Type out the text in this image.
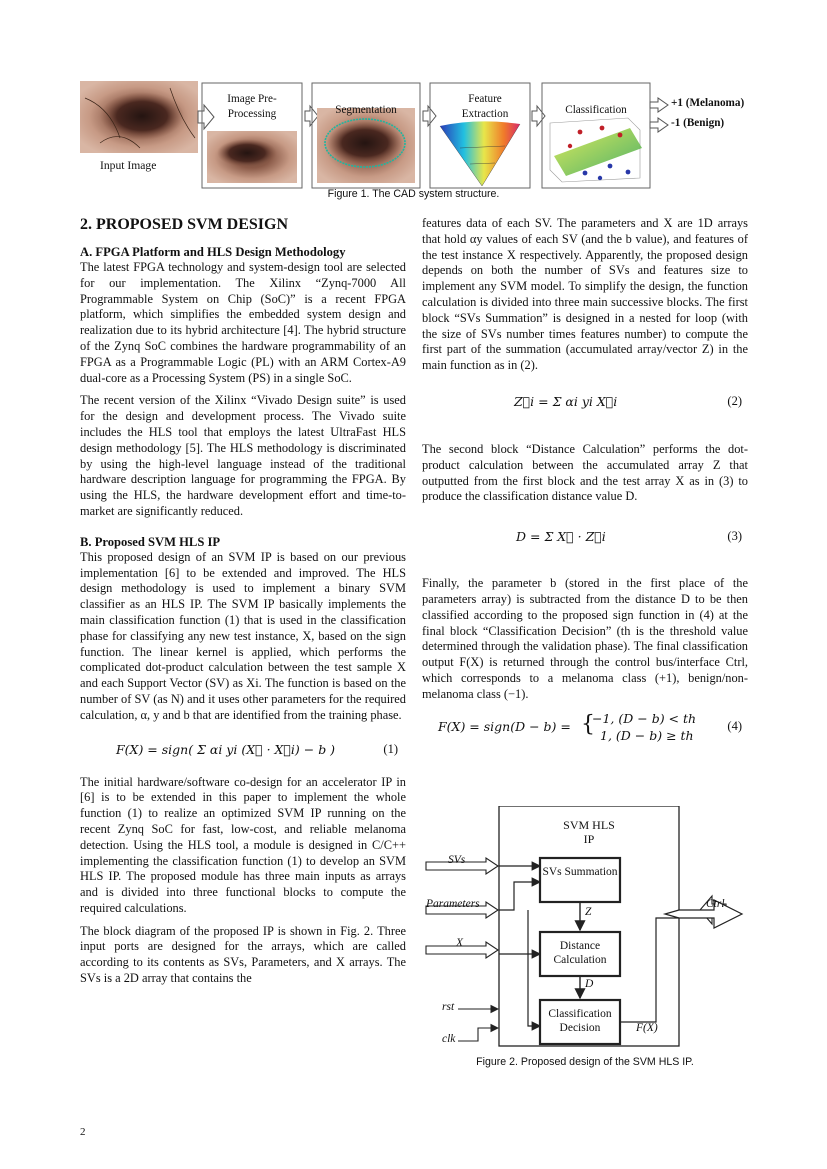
Image Pre-Processing	Segmentation
Feature Extraction	Classification
+1 (Melanoma)
-1 (Benign)
Input Image
Figure 1. The CAD system structure.
2. PROPOSED SVM DESIGN
A. FPGA Platform and HLS Design Methodology

The latest FPGA technology and system-design tool are selected for our implementation. The Xilinx “Zynq-7000 All Programmable System on Chip (SoC)” is a recent FPGA platform, which simplifies the embedded system design and realization due to its hybrid architecture [4]. The hybrid structure of the Zynq SoC combines the hardware programmability of an FPGA as a Programmable Logic (PL) with an ARM Cortex-A9 dual-core as a Processing System (PS) in a single SoC.

The recent version of the Xilinx “Vivado Design suite” is used for the design and development process. The Vivado suite includes the HLS tool that employs the latest UltraFast HLS design methodology [5]. The HLS methodology is discriminated by using the high-level language instead of the traditional hardware description language for programming the FPGA. By using the HLS, the hardware development effort and time-to-market are significantly reduced.

B. Proposed SVM HLS IP

This proposed design of an SVM IP is based on our previous implementation [6] to be extended and improved. The HLS design methodology is used to implement a binary SVM classifier as an HLS IP. The SVM IP basically implements the main classification function (1) that is used in the classification phase for classifying any new test instance, X, based on the sign function. The linear kernel is applied, which performs the complicated dot-product calculation between the test sample X and each Support Vector (SV) as Xi. The function is based on the number of SV (as N) and it uses other parameters for the required calculation, α, y and b that are identified from the training phase.

F(X) = sign( Σ αi yi (X⃗ · X⃗i) − b )	(1)

The initial hardware/software co-design for an accelerator IP in [6] is to be extended in this paper to implement the whole function (1) to realize an optimized SVM IP running on the recent Zynq SoC for fast, low-cost, and reliable melanoma detection. Using the HLS tool, a module is designed in C/C++ implementing the classification function (1) to develop an SVM HLS IP. The proposed module has three main inputs as arrays and is divided into three functional blocks to compute the required calculations.

The block diagram of the proposed IP is shown in Fig. 2. Three input ports are designed for the arrays, which are called according to its contents as SVs, Parameters, and X arrays. The SVs is a 2D array that contains the

features data of each SV. The parameters and X are 1D arrays that hold αy values of each SV (and the b value), and features of the test instance X respectively. Apparently, the proposed design depends on both the number of SVs and features size to implement any SVM model. To simplify the design, the function calculation is divided into three main successive blocks. The first block “SVs Summation” is designed in a nested for loop (with the size of SVs number times features number) to compute the first part of the summation (accumulated array/vector Z) in the main function as in (2).

Z⃗i = Σ αi yi X⃗i	(2)

The second block “Distance Calculation” performs the dot-product calculation between the accumulated array Z that outputted from the first block and the test array X as in (3) to produce the classification distance value D.

D = Σ X⃗ · Z⃗i	(3)

Finally, the parameter b (stored in the first place of the parameters array) is subtracted from the distance D to be then classified according to the proposed sign function in (4) at the final block “Classification Decision” (th is the threshold value determined through the validation phase). The final classification output F(X) is returned through the control bus/interface Ctrl, which corresponds to a melanoma class (+1), benign/non-melanoma class (−1).

F(X) = sign(D − b) = {
−1, (D − b) < th
1, (D − b) ≥ th
(4)
SVM HLS IP
SVs Summation
Distance Calculation
Classification Decision
SVs
Parameters
X
rst
clk
Z
D
F(X)
Ctrl
Figure 2. Proposed design of the SVM HLS IP.
2
